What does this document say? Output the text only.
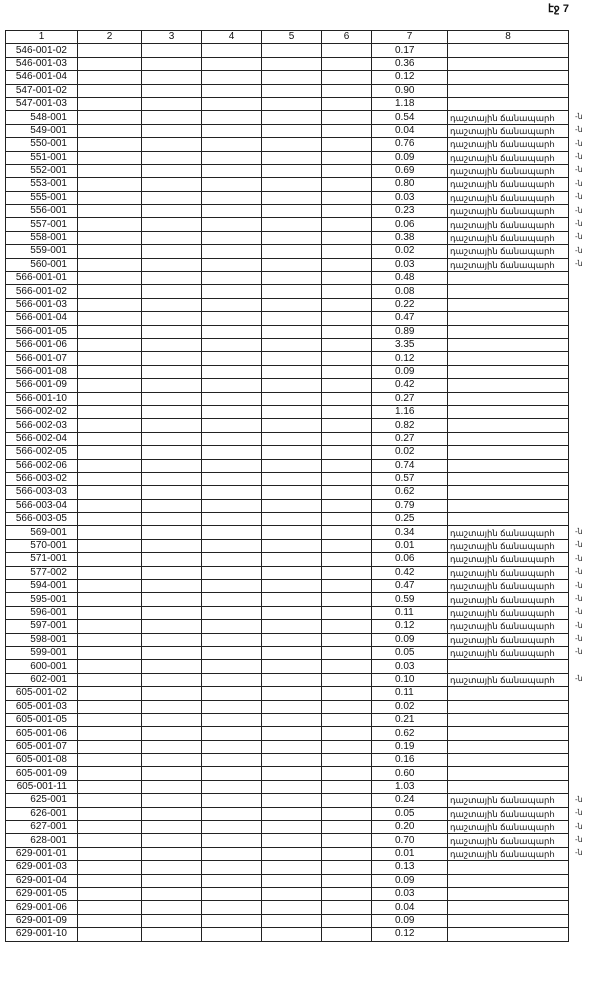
էջ 7
1	2	3	4	5	6	7	8
546-001-02						0.17	
546-001-03						0.36	
546-001-04						0.12	
547-001-02						0.90	
547-001-03						1.18	
548-001						0.54	դաշտային ճանապարհ
549-001						0.04	դաշտային ճանապարհ
550-001						0.76	դաշտային ճանապարհ
551-001						0.09	դաշտային ճանապարհ
552-001						0.69	դաշտային ճանապարհ
553-001						0.80	դաշտային ճանապարհ
555-001						0.03	դաշտային ճանապարհ
556-001						0.23	դաշտային ճանապարհ
557-001						0.06	դաշտային ճանապարհ
558-001						0.38	դաշտային ճանապարհ
559-001						0.02	դաշտային ճանապարհ
560-001						0.03	դաշտային ճանապարհ
566-001-01						0.48	
566-001-02						0.08	
566-001-03						0.22	
566-001-04						0.47	
566-001-05						0.89	
566-001-06						3.35	
566-001-07						0.12	
566-001-08						0.09	
566-001-09						0.42	
566-001-10						0.27	
566-002-02						1.16	
566-002-03						0.82	
566-002-04						0.27	
566-002-05						0.02	
566-002-06						0.74	
566-003-02						0.57	
566-003-03						0.62	
566-003-04						0.79	
566-003-05						0.25	
569-001						0.34	դաշտային ճանապարհ
570-001						0.01	դաշտային ճանապարհ
571-001						0.06	դաշտային ճանապարհ
577-002						0.42	դաշտային ճանապարհ
594-001						0.47	դաշտային ճանապարհ
595-001						0.59	դաշտային ճանապարհ
596-001						0.11	դաշտային ճանապարհ
597-001						0.12	դաշտային ճանապարհ
598-001						0.09	դաշտային ճանապարհ
599-001						0.05	դաշտային ճանապարհ
600-001						0.03	
602-001						0.10	դաշտային ճանապարհ
605-001-02						0.11	
605-001-03						0.02	
605-001-05						0.21	
605-001-06						0.62	
605-001-07						0.19	
605-001-08						0.16	
605-001-09						0.60	
605-001-11						1.03	
625-001						0.24	դաշտային ճանապարհ
626-001						0.05	դաշտային ճանապարհ
627-001						0.20	դաշտային ճանապարհ
628-001						0.70	դաշտային ճանապարհ
629-001-01						0.01	դաշտային ճանապարհ
629-001-03						0.13	
629-001-04						0.09	
629-001-05						0.03	
629-001-06						0.04	
629-001-09						0.09	
629-001-10						0.12	
-ն
-ն
-ն
-ն
-ն
-ն
-ն
-ն
-ն
-ն
-ն
-ն
-ն
-ն
-ն
-ն
-ն
-ն
-ն
-ն
-ն
-ն
-ն
-ն
-ն
-ն
-ն
-ն
